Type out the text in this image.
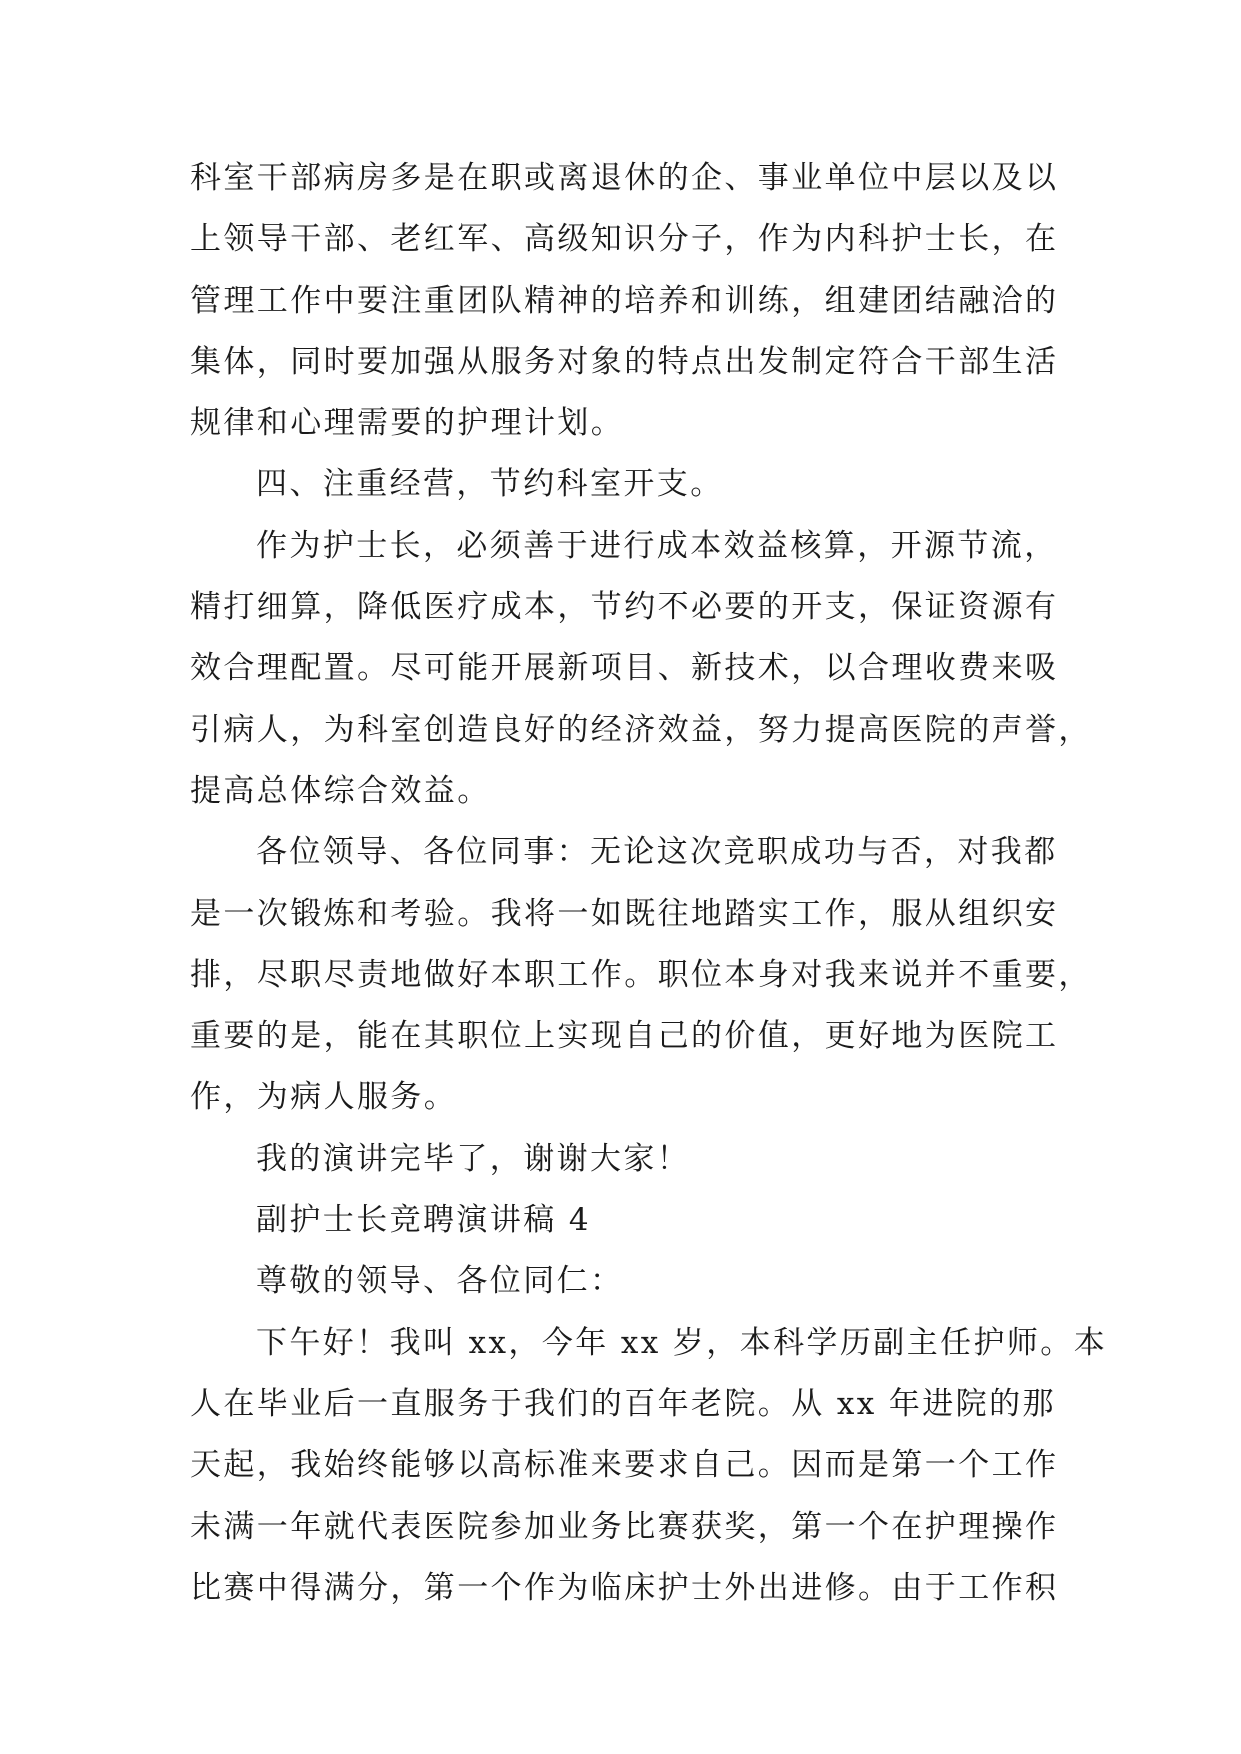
科室干部病房多是在职或离退休的企、事业单位中层以及以
上领导干部、老红军、高级知识分子，作为内科护士长，在
管理工作中要注重团队精神的培养和训练，组建团结融洽的
集体，同时要加强从服务对象的特点出发制定符合干部生活
规律和心理需要的护理计划。

四、注重经营，节约科室开支。

作为护士长，必须善于进行成本效益核算，开源节流，
精打细算，降低医疗成本，节约不必要的开支，保证资源有
效合理配置。尽可能开展新项目、新技术，以合理收费来吸
引病人，为科室创造良好的经济效益，努力提高医院的声誉，
提高总体综合效益。

各位领导、各位同事：无论这次竞职成功与否，对我都
是一次锻炼和考验。我将一如既往地踏实工作，服从组织安
排，尽职尽责地做好本职工作。职位本身对我来说并不重要，
重要的是，能在其职位上实现自己的价值，更好地为医院工
作，为病人服务。

我的演讲完毕了，谢谢大家！

副护士长竞聘演讲稿 4

尊敬的领导、各位同仁：

下午好！我叫 xx，今年 xx 岁，本科学历副主任护师。本
人在毕业后一直服务于我们的百年老院。从 xx 年进院的那
天起，我始终能够以高标准来要求自己。因而是第一个工作
未满一年就代表医院参加业务比赛获奖，第一个在护理操作
比赛中得满分，第一个作为临床护士外出进修。由于工作积
